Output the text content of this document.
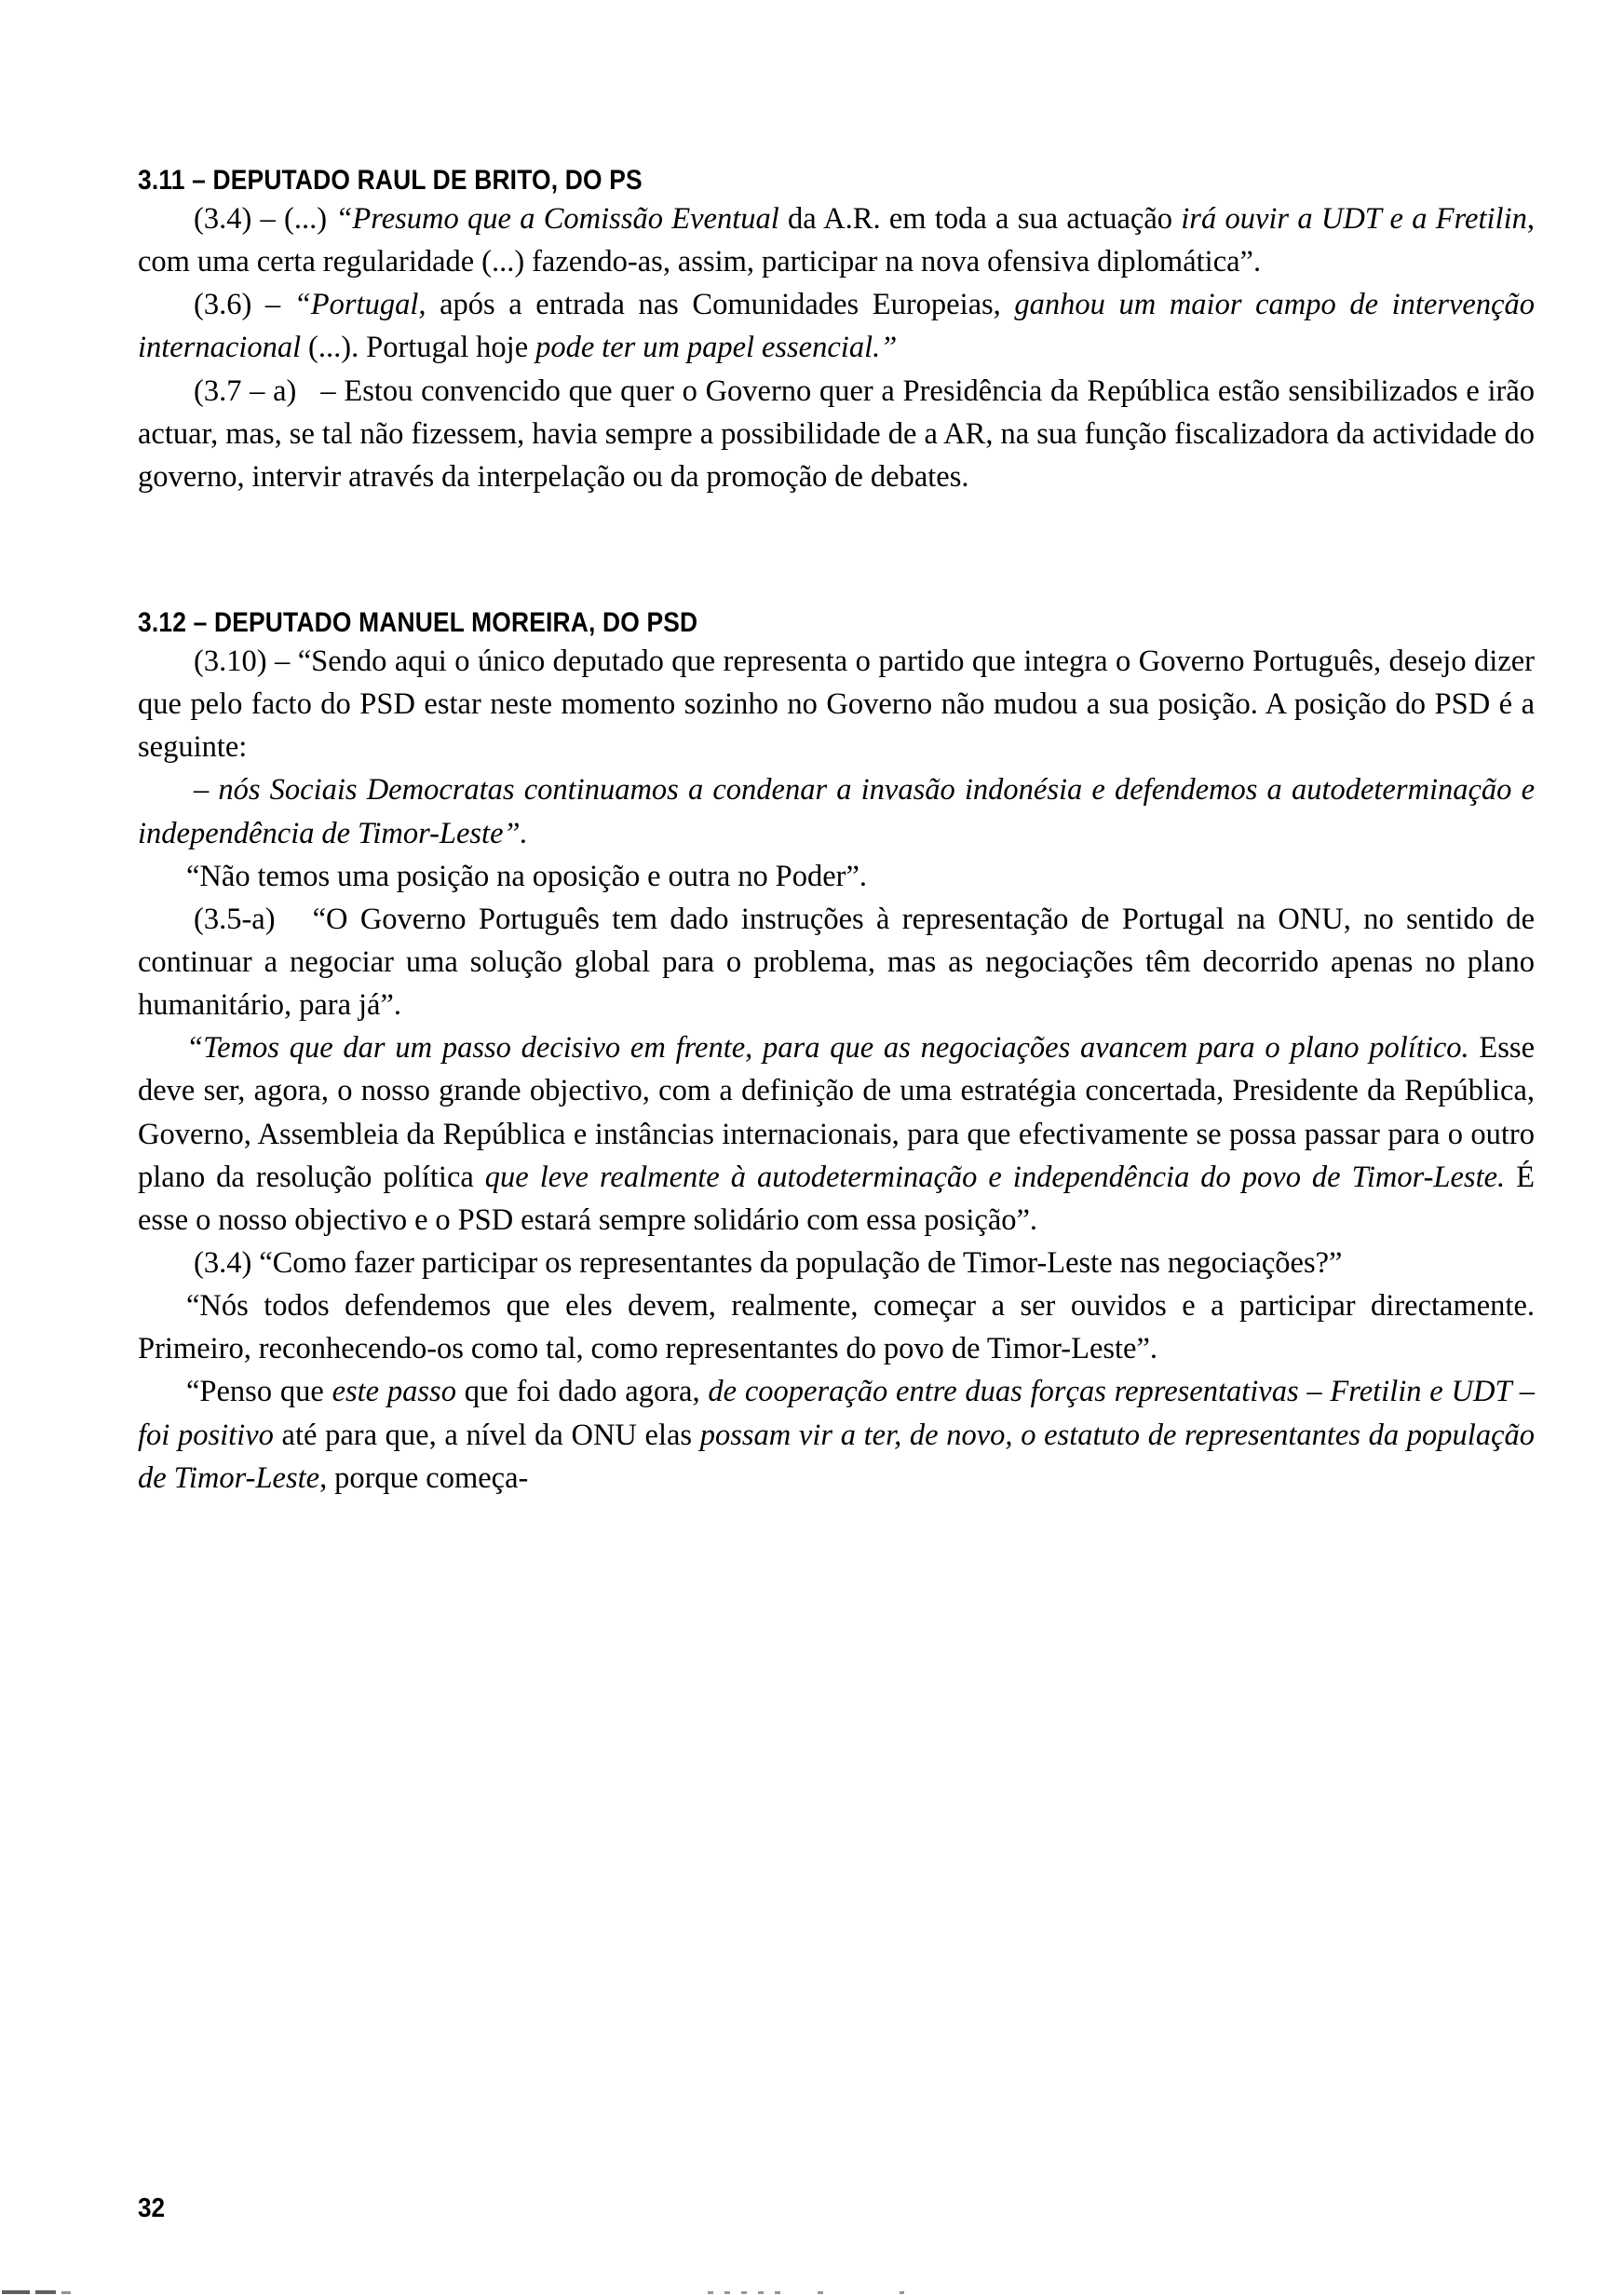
3.11 – DEPUTADO RAUL DE BRITO, DO PS

(3.4) – (...) “Presumo que a Comissão Eventual da A.R. em toda a sua actuação irá ouvir a UDT e a Fretilin, com uma certa regularidade (...) fazendo-as, assim, participar na nova ofensiva diplomática”.

(3.6) – “Portugal, após a entrada nas Comunidades Europeias, ganhou um maior campo de intervenção internacional (...). Portugal hoje pode ter um papel essencial.”

(3.7 – a)   – Estou convencido que quer o Governo quer a Presidência da República estão sensibilizados e irão actuar, mas, se tal não fizessem, havia sempre a possibilidade de a AR, na sua função fiscalizadora da actividade do governo, intervir através da interpelação ou da promoção de debates.

3.12 – DEPUTADO MANUEL MOREIRA, DO PSD

(3.10) – “Sendo aqui o único deputado que representa o partido que integra o Governo Português, desejo dizer que pelo facto do PSD estar neste momento sozinho no Governo não mudou a sua posição. A posição do PSD é a seguinte:

– nós Sociais Democratas continuamos a condenar a invasão indonésia e defendemos a autodeterminação e independência de Timor-Leste”.

“Não temos uma posição na oposição e outra no Poder”.

(3.5-a)   “O Governo Português tem dado instruções à representação de Portugal na ONU, no sentido de continuar a negociar uma solução global para o problema, mas as negociações têm decorrido apenas no plano humanitário, para já”.

“Temos que dar um passo decisivo em frente, para que as negociações avancem para o plano político. Esse deve ser, agora, o nosso grande objectivo, com a definição de uma estratégia concertada, Presidente da República, Governo, Assembleia da República e instâncias internacionais, para que efectivamente se possa passar para o outro plano da resolução política que leve realmente à autodeterminação e independência do povo de Timor-Leste. É esse o nosso objectivo e o PSD estará sempre solidário com essa posição”.

(3.4) “Como fazer participar os representantes da população de Timor-Leste nas negociações?”

“Nós todos defendemos que eles devem, realmente, começar a ser ouvidos e a participar directamente. Primeiro, reconhecendo-os como tal, como representantes do povo de Timor-Leste”.

“Penso que este passo que foi dado agora, de cooperação entre duas forças representativas – Fretilin e UDT – foi positivo até para que, a nível da ONU elas possam vir a ter, de novo, o estatuto de representantes da população de Timor-Leste, porque começa-

32
